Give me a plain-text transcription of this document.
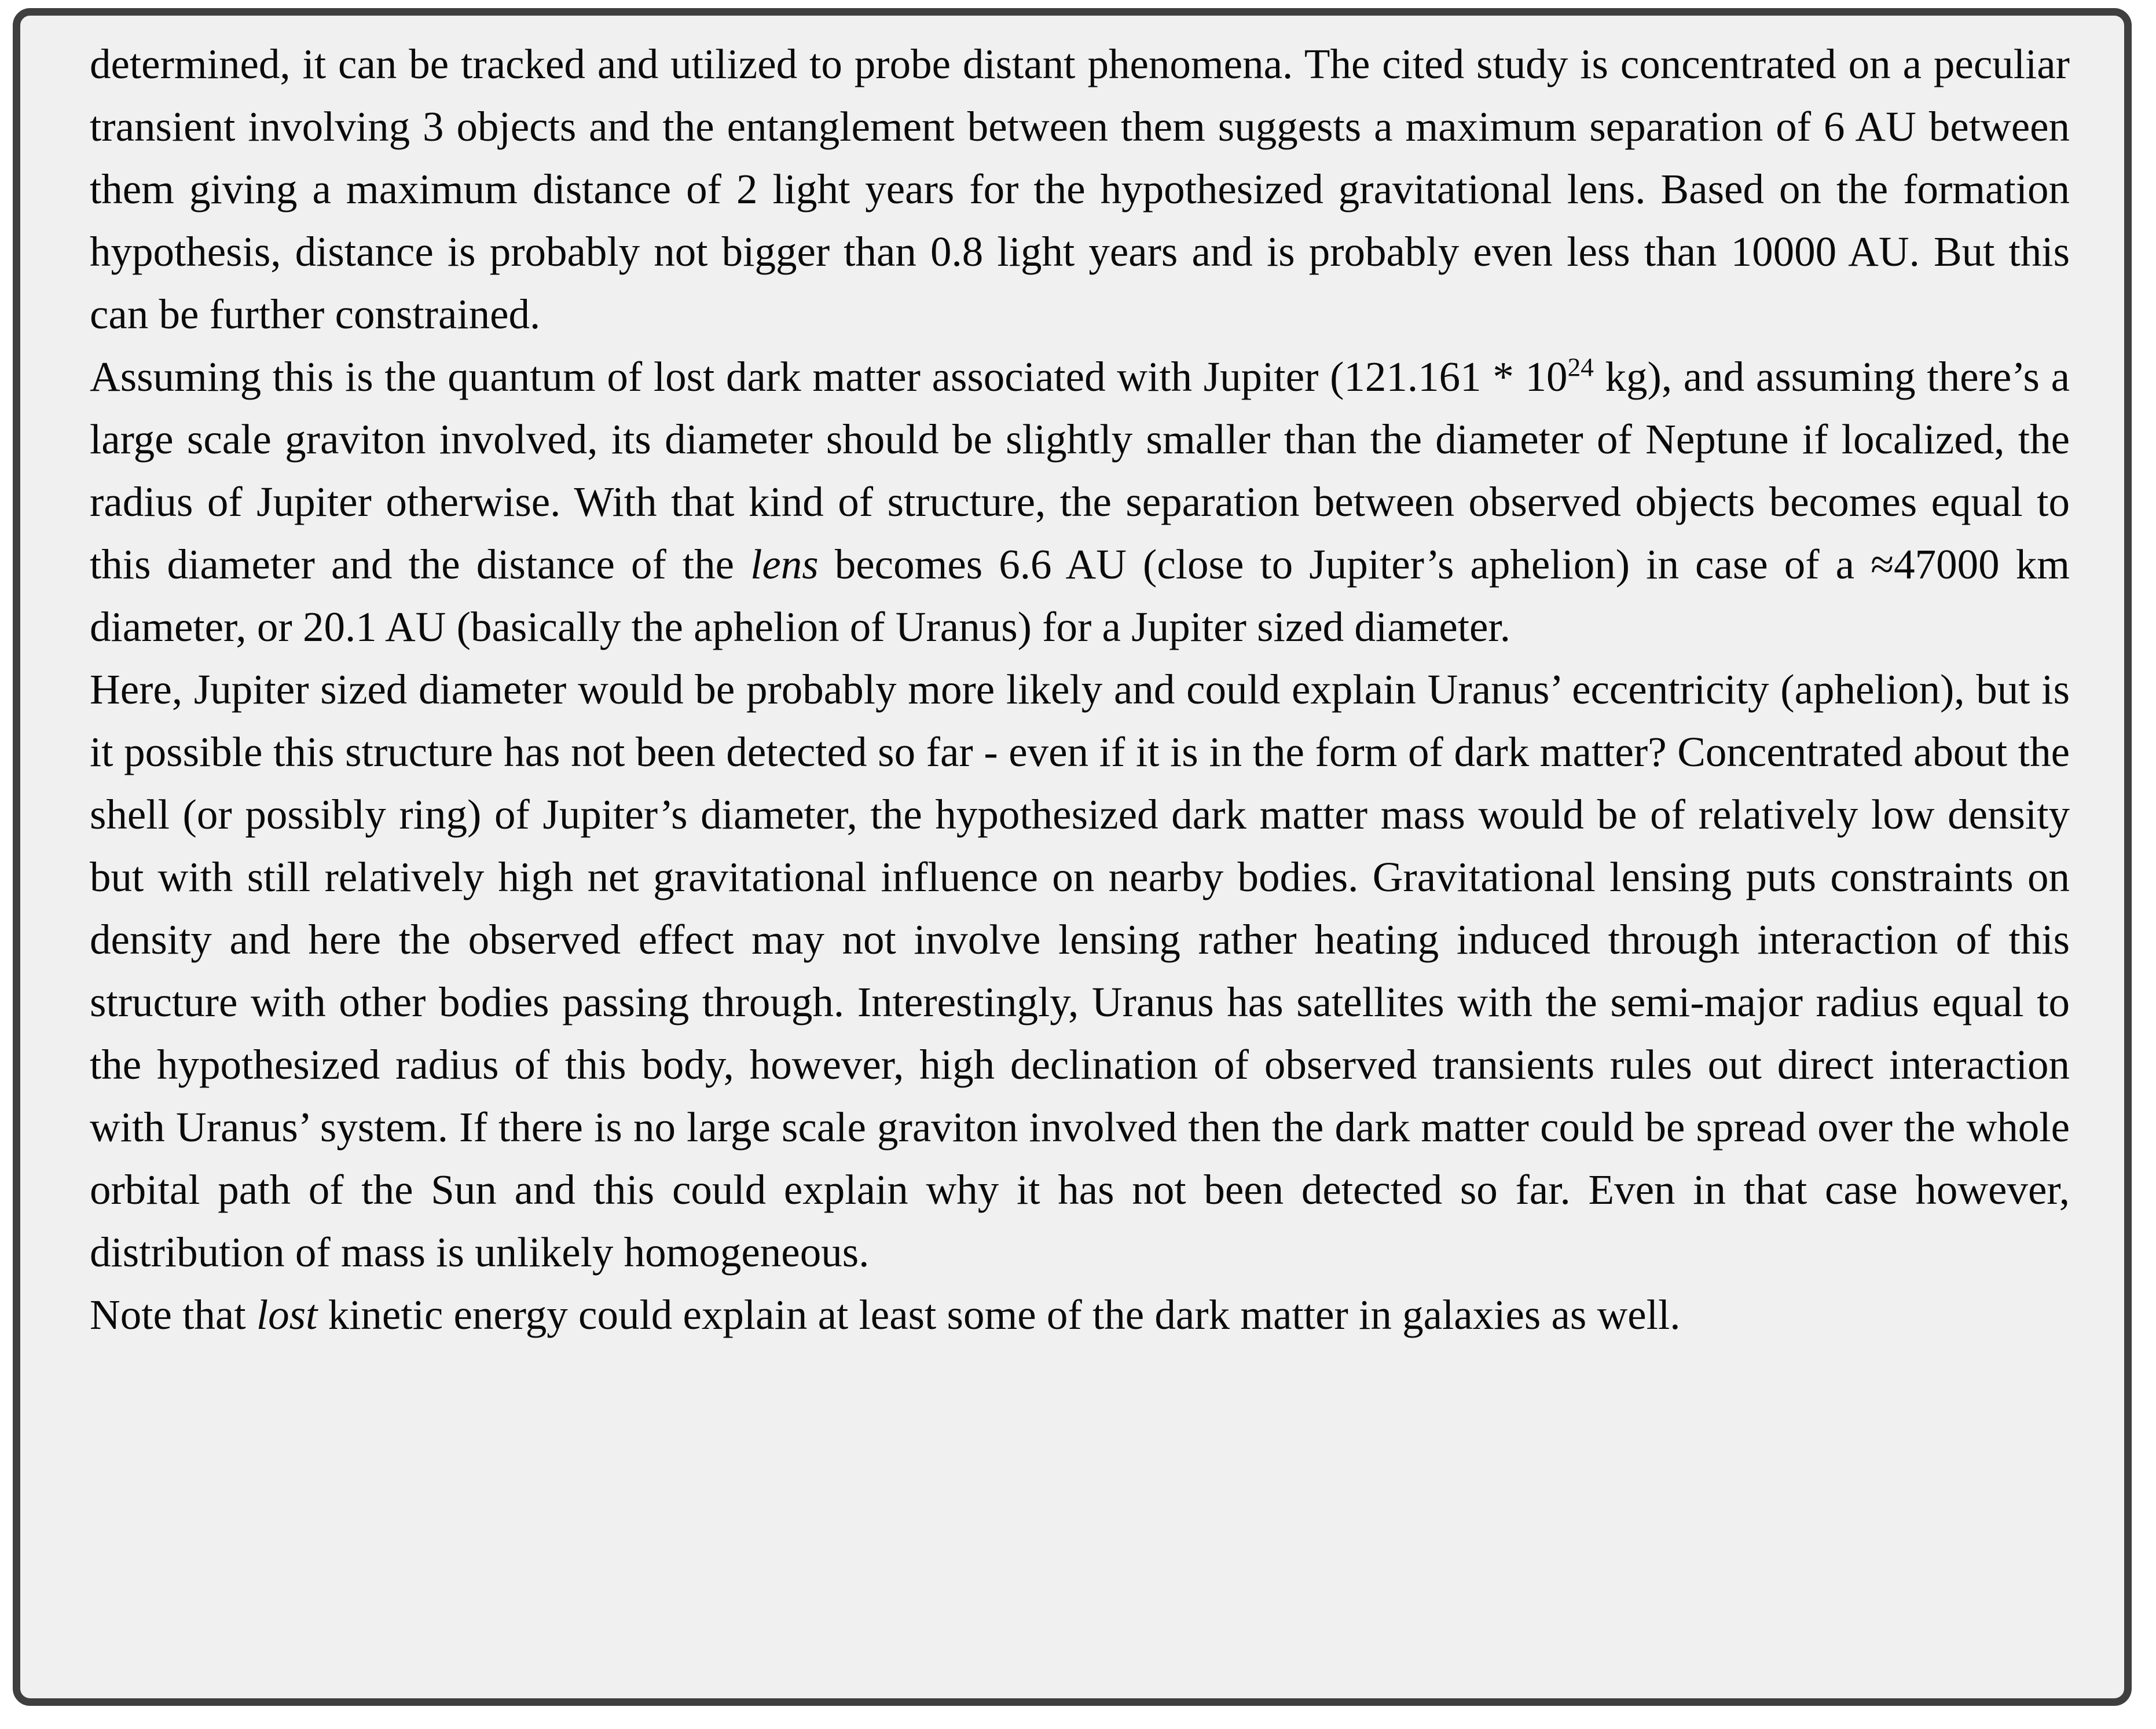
determined, it can be tracked and utilized to probe distant phenomena. The cited study is concentrated on a peculiar transient involving 3 objects and the entanglement between them suggests a maximum separation of 6 AU between them giving a maximum distance of 2 light years for the hypothesized gravitational lens. Based on the formation hypothesis, distance is probably not bigger than 0.8 light years and is probably even less than 10000 AU. But this can be further constrained.

Assuming this is the quantum of lost dark matter associated with Jupiter ($121.161 * 10^{24}$ kg), and assuming there’s a large scale graviton involved, its diameter should be slightly smaller than the diameter of Neptune if localized, the radius of Jupiter otherwise. With that kind of structure, the separation between observed objects becomes equal to this diameter and the distance of the lens becomes 6.6 AU (close to Jupiter’s aphelion) in case of a ≈47000 km diameter, or 20.1 AU (basically the aphelion of Uranus) for a Jupiter sized diameter.

Here, Jupiter sized diameter would be probably more likely and could explain Uranus’ eccentricity (aphelion), but is it possible this structure has not been detected so far - even if it is in the form of dark matter? Concentrated about the shell (or possibly ring) of Jupiter’s diameter, the hypothesized dark matter mass would be of relatively low density but with still relatively high net gravitational influence on nearby bodies. Gravitational lensing puts constraints on density and here the observed effect may not involve lensing rather heating induced through interaction of this structure with other bodies passing through. Interestingly, Uranus has satellites with the semi-major radius equal to the hypothesized radius of this body, however, high declination of observed transients rules out direct interaction with Uranus’ system. If there is no large scale graviton involved then the dark matter could be spread over the whole orbital path of the Sun and this could explain why it has not been detected so far. Even in that case however, distribution of mass is unlikely homogeneous.

Note that lost kinetic energy could explain at least some of the dark matter in galaxies as well.
